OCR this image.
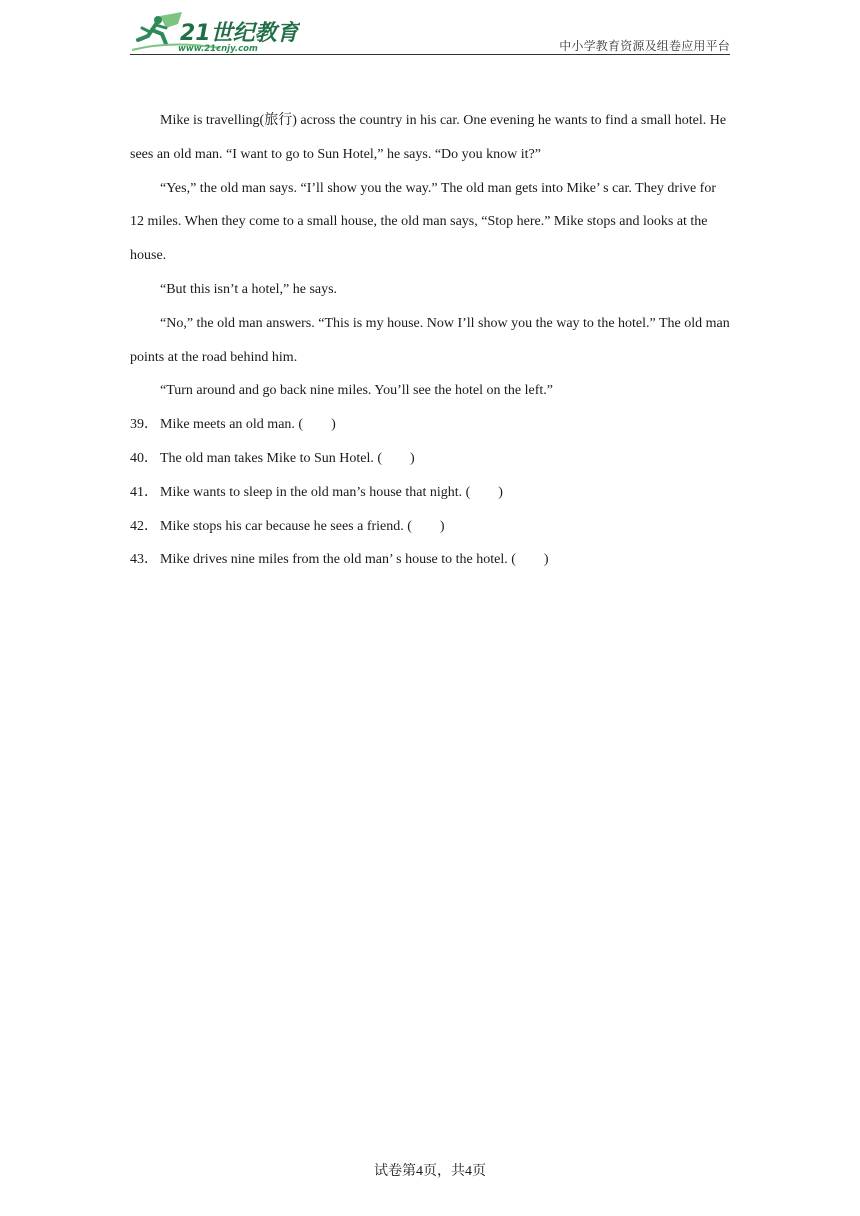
21世纪教育
www.21cnjy.com	中小学教育资源及组卷应用平台

Mike is travelling(旅行) across the country in his car. One evening he wants to find a small hotel. He sees an old man. “I want to go to Sun Hotel,” he says. “Do you know it?”

“Yes,” the old man says. “I’ll show you the way.” The old man gets into Mike’ s car. They drive for 12 miles. When they come to a small house, the old man says, “Stop here.” Mike stops and looks at the house.

“But this isn’t a hotel,” he says.

“No,” the old man answers. “This is my house. Now I’ll show you the way to the hotel.” The old man points at the road behind him.

“Turn around and go back nine miles. You’ll see the hotel on the left.”

39． Mike meets an old man. (　　)

40． The old man takes Mike to Sun Hotel. (　　)

41． Mike wants to sleep in the old man’s house that night. (　　)

42． Mike stops his car because he sees a friend. (　　)

43． Mike drives nine miles from the old man’ s house to the hotel. (　　)

试卷第4页，共4页
